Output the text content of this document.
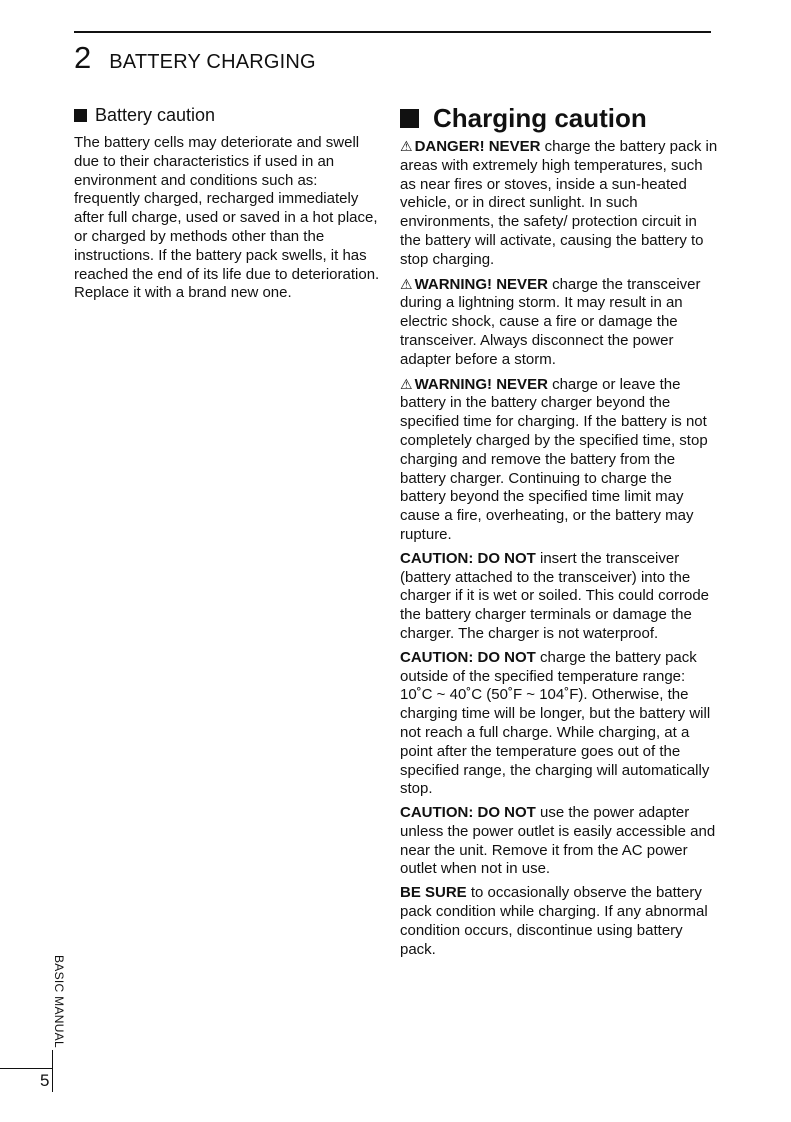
2 BATTERY CHARGING
Battery caution

The battery cells may deteriorate and swell due to their characteristics if used in an environment and conditions such as: frequently charged, recharged immediately after full charge, used or saved in a hot place, or charged by methods other than the instructions. If the battery pack swells, it has reached the end of its life due to deterioration. Replace it with a brand new one.

Charging caution

⚠ DANGER! NEVER charge the battery pack in areas with extremely high temperatures, such as near fires or stoves, inside a sun-heated vehicle, or in direct sunlight. In such environments, the safety/ protection circuit in the battery will activate, causing the battery to stop charging.

⚠ WARNING! NEVER charge the transceiver during a lightning storm. It may result in an electric shock, cause a fire or damage the transceiver. Always disconnect the power adapter before a storm.

⚠ WARNING! NEVER charge or leave the battery in the battery charger beyond the specified time for charging. If the battery is not completely charged by the specified time, stop charging and remove the battery from the battery charger. Continuing to charge the battery beyond the specified time limit may cause a fire, overheating, or the battery may rupture.

CAUTION: DO NOT insert the transceiver (battery attached to the transceiver) into the charger if it is wet or soiled. This could corrode the battery charger terminals or damage the charger. The charger is not waterproof.

CAUTION: DO NOT charge the battery pack outside of the specified temperature range: 10˚C ~ 40˚C (50˚F ~ 104˚F). Otherwise, the charging time will be longer, but the battery will not reach a full charge. While charging, at a point after the temperature goes out of the specified range, the charging will automatically stop.

CAUTION: DO NOT use the power adapter unless the power outlet is easily accessible and near the unit. Remove it from the AC power outlet when not in use.

BE SURE to occasionally observe the battery pack condition while charging. If any abnormal condition occurs, discontinue using battery pack.

BASIC MANUAL
5
